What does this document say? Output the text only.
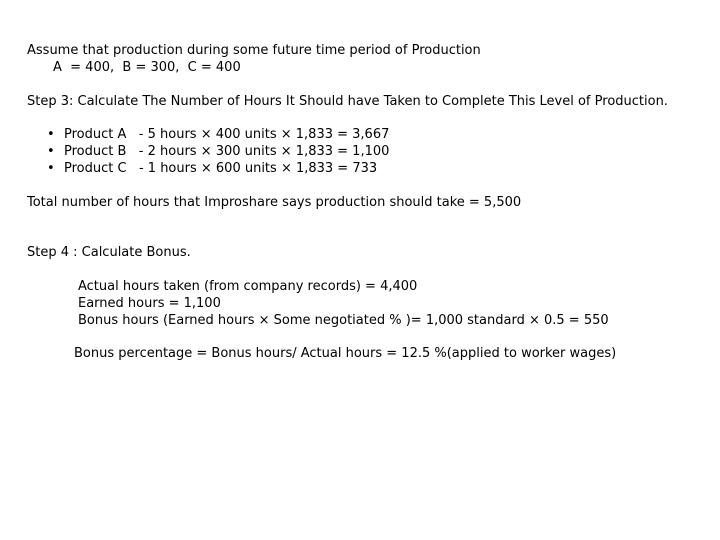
Assume that production during some future time period of Production
A  = 400,  B = 300,  C = 400
Step 3: Calculate The Number of Hours It Should have Taken to Complete This Level of Production.
• Product A   - 5 hours × 400 units × 1,833 = 3,667
• Product B   - 2 hours × 300 units × 1,833 = 1,100
• Product C   - 1 hours × 600 units × 1,833 = 733
Total number of hours that Improshare says production should take = 5,500
Step 4 : Calculate Bonus.
Actual hours taken (from company records) = 4,400
Earned hours = 1,100
Bonus hours (Earned hours × Some negotiated % )= 1,000 standard × 0.5 = 550
Bonus percentage = Bonus hours/ Actual hours = 12.5 %(applied to worker wages)
